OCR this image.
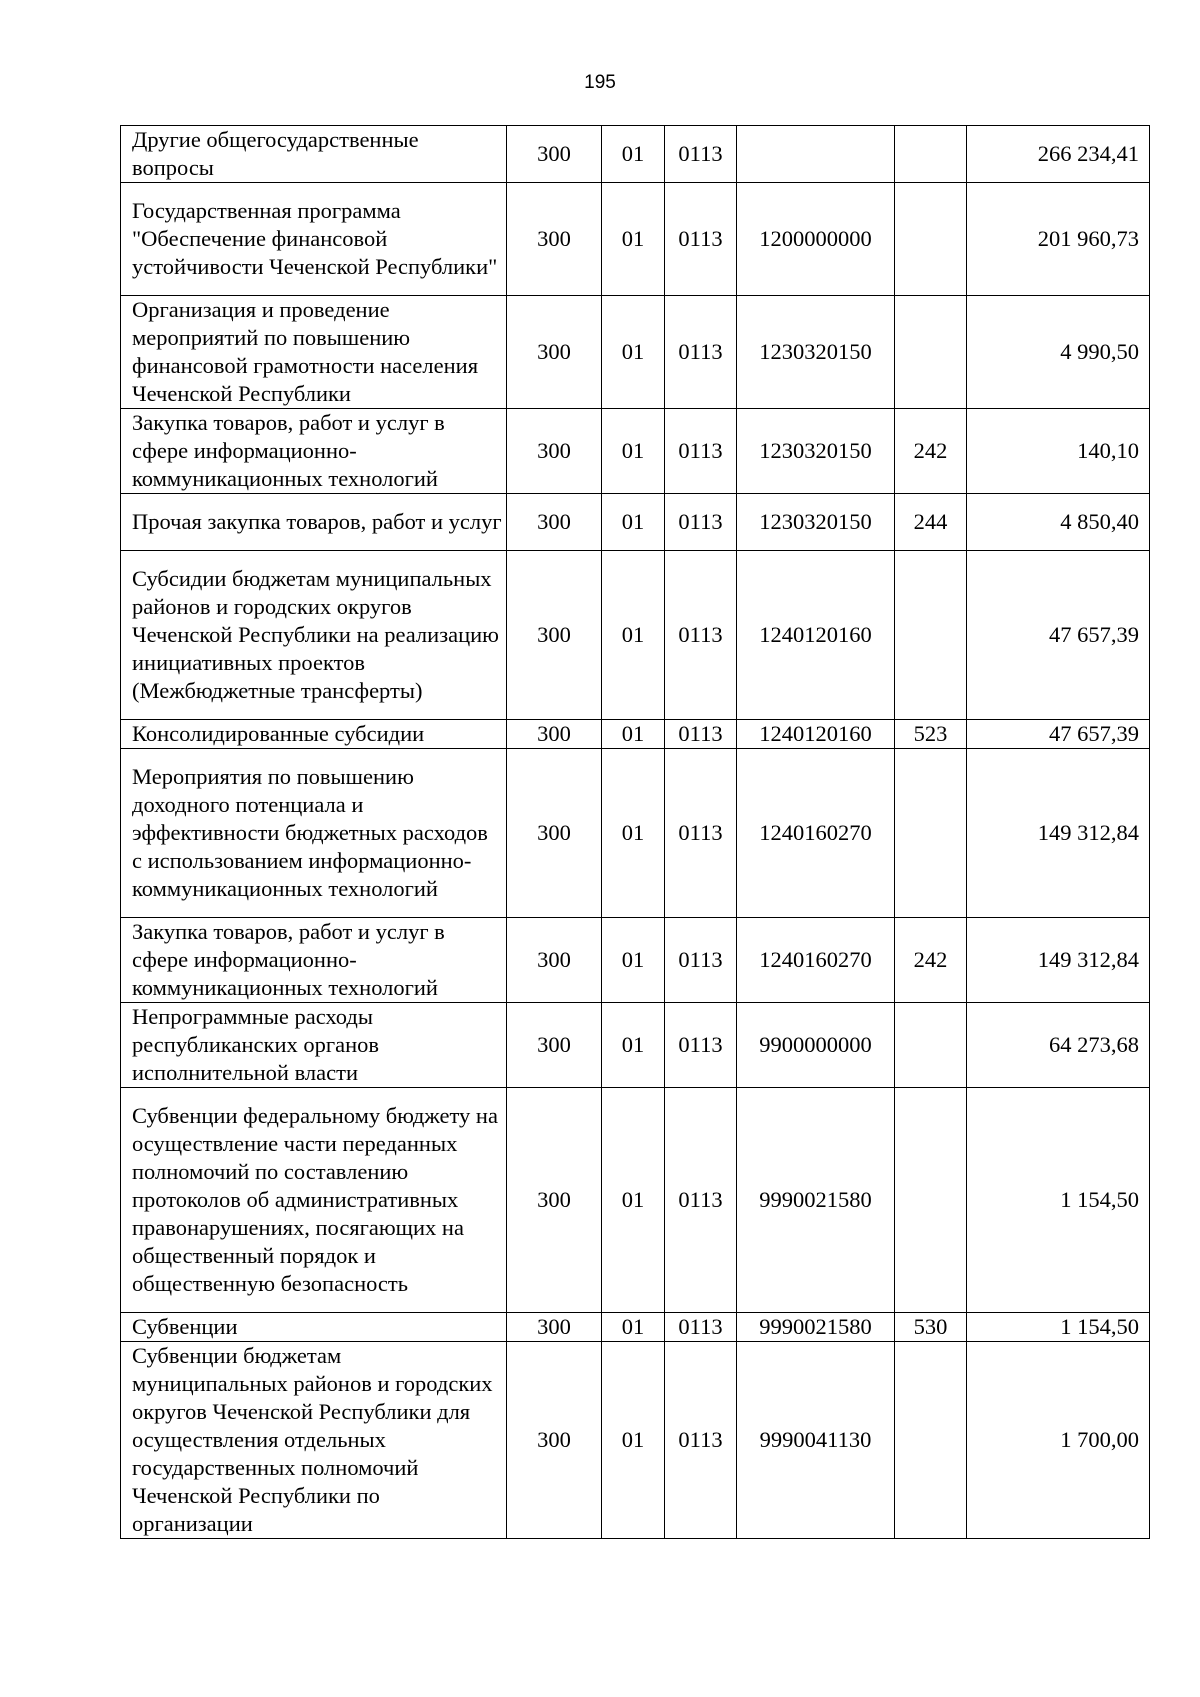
195
Другие общегосударственные вопросы	300	01	0113			266 234,41
Государственная программа "Обеспечение финансовой устойчивости Чеченской Республики"	300	01	0113	1200000000		201 960,73
Организация и проведение мероприятий по повышению финансовой грамотности населения Чеченской Республики	300	01	0113	1230320150		4 990,50
Закупка товаров, работ и услуг в сфере информационно-коммуникационных технологий	300	01	0113	1230320150	242	140,10
Прочая закупка товаров, работ и услуг	300	01	0113	1230320150	244	4 850,40
Субсидии бюджетам муниципальных районов и городских округов Чеченской Республики на реализацию инициативных проектов (Межбюджетные трансферты)	300	01	0113	1240120160		47 657,39
Консолидированные субсидии	300	01	0113	1240120160	523	47 657,39
Мероприятия по повышению доходного потенциала и эффективности бюджетных расходов с использованием информационно-коммуникационных технологий	300	01	0113	1240160270		149 312,84
Закупка товаров, работ и услуг в сфере информационно-коммуникационных технологий	300	01	0113	1240160270	242	149 312,84
Непрограммные расходы республиканских органов исполнительной власти	300	01	0113	9900000000		64 273,68
Субвенции федеральному бюджету на осуществление части переданных полномочий по составлению протоколов об административных правонарушениях, посягающих на общественный порядок и общественную безопасность	300	01	0113	9990021580		1 154,50
Субвенции	300	01	0113	9990021580	530	1 154,50
Субвенции бюджетам муниципальных районов и городских округов Чеченской Республики для осуществления отдельных государственных полномочий Чеченской Республики по организации	300	01	0113	9990041130		1 700,00
